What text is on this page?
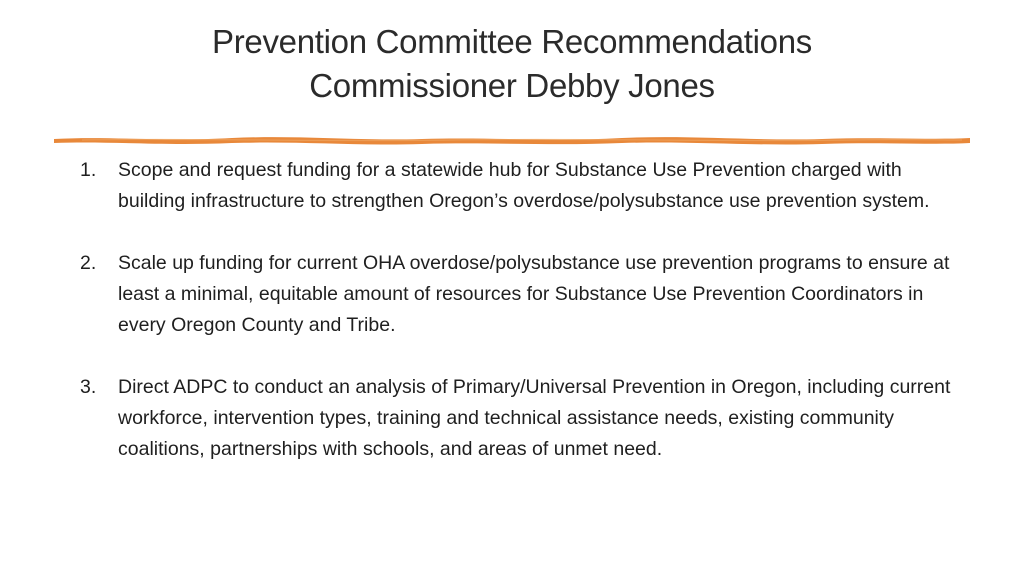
Prevention Committee Recommendations
Commissioner Debby Jones
1.	Scope and request funding for a statewide hub for Substance Use Prevention charged with building infrastructure to strengthen Oregon’s overdose/polysubstance use prevention system.
2.	Scale up funding for current OHA overdose/polysubstance use prevention programs to ensure at least a minimal, equitable amount of resources for Substance Use Prevention Coordinators in every Oregon County and Tribe.
3.	Direct ADPC to conduct an analysis of Primary/Universal Prevention in Oregon, including current workforce, intervention types, training and technical assistance needs, existing community coalitions, partnerships with schools, and areas of unmet need.
